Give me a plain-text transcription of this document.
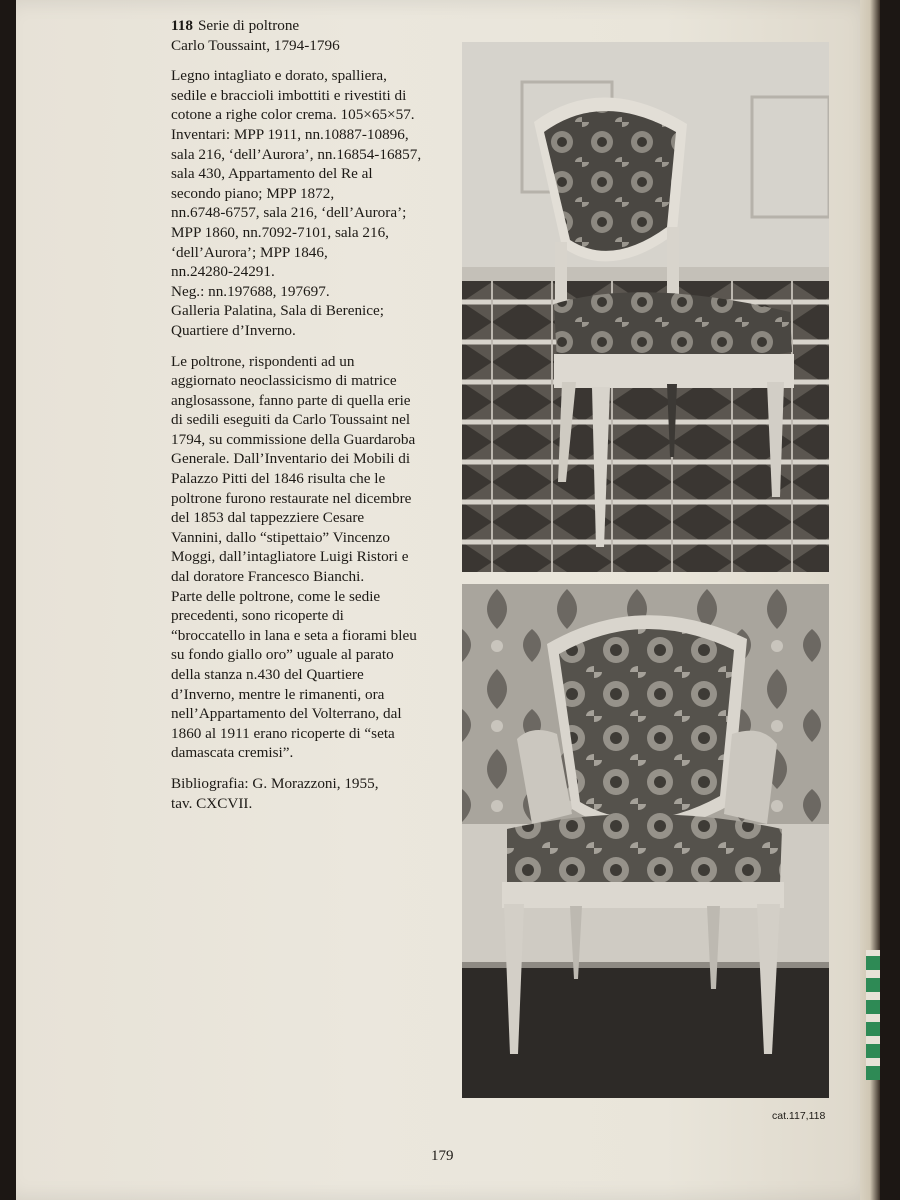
118 Serie di poltrone
Carlo Toussaint, 1794-1796

Legno intagliato e dorato, spalliera,
sedile e braccioli imbottiti e rivestiti di
cotone a righe color crema. 105×65×57.
Inventari: MPP 1911, nn.10887-10896,
sala 216, ‘dell’Aurora’, nn.16854-16857,
sala 430, Appartamento del Re al
secondo piano; MPP 1872,
nn.6748-6757, sala 216, ‘dell’Aurora’;
MPP 1860, nn.7092-7101, sala 216,
‘dell’Aurora’; MPP 1846,
nn.24280-24291.
Neg.: nn.197688, 197697.
Galleria Palatina, Sala di Berenice;
Quartiere d’Inverno.

Le poltrone, rispondenti ad un
aggiornato neoclassicismo di matrice
anglosassone, fanno parte di quella erie
di sedili eseguiti da Carlo Toussaint nel
1794, su commissione della Guardaroba
Generale. Dall’Inventario dei Mobili di
Palazzo Pitti del 1846 risulta che le
poltrone furono restaurate nel dicembre
del 1853 dal tappezziere Cesare
Vannini, dallo “stipettaio” Vincenzo
Moggi, dall’intagliatore Luigi Ristori e
dal doratore Francesco Bianchi.
Parte delle poltrone, come le sedie
precedenti, sono ricoperte di
“broccatello in lana e seta a fiorami bleu
su fondo giallo oro” uguale al parato
della stanza n.430 del Quartiere
d’Inverno, mentre le rimanenti, ora
nell’Appartamento del Volterrano, dal
1860 al 1911 erano ricoperte di “seta
damascata cremisi”.

Bibliografia: G. Morazzoni, 1955,
tav. CXCVII.

cat.117,118
179
